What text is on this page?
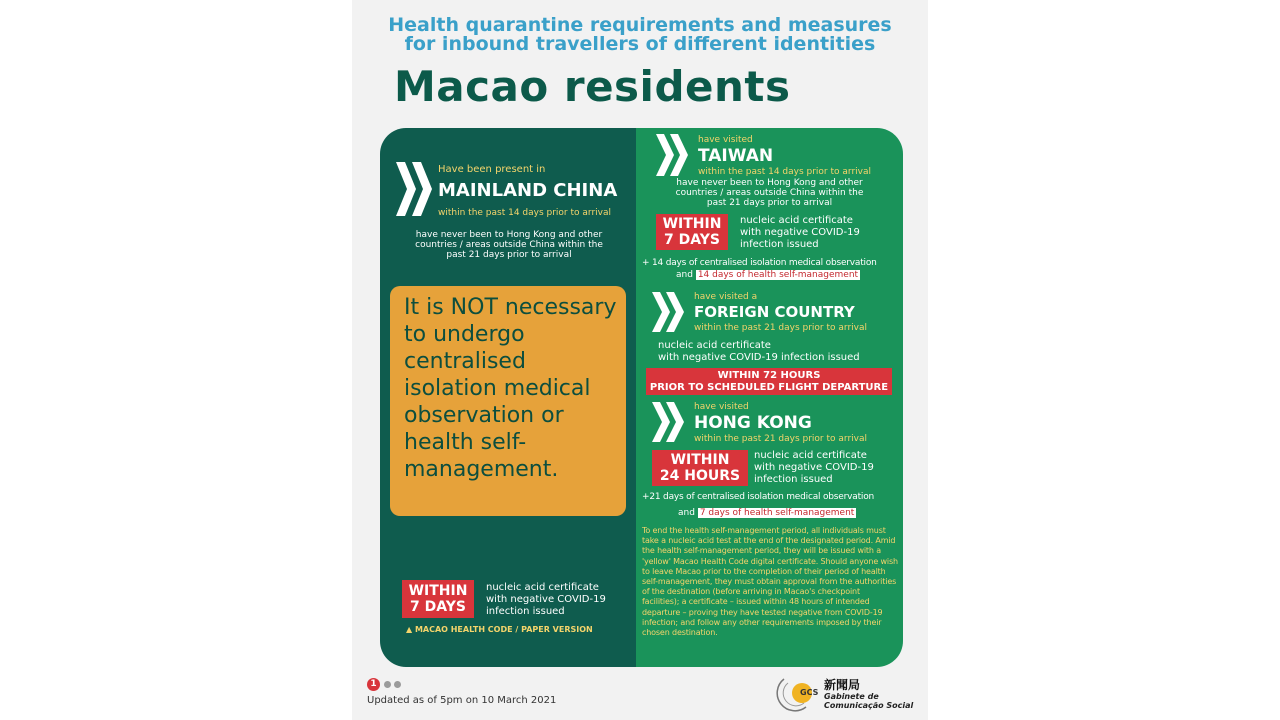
Health quarantine requirements and measures
for inbound travellers of different identities
Macao residents

Have been present in

MAINLAND CHINA

within the past 14 days prior to arrival

have never been to Hong Kong and other

countries / areas outside China within the

past 21 days prior to arrival

It is NOT necessary to undergo centralised isolation medical observation or health self-management.

WITHIN
7 DAYS

nucleic acid certificate

with negative COVID-19

infection issued

▲ MACAO HEALTH CODE / PAPER VERSION

have visited

TAIWAN

within the past 14 days prior to arrival

have never been to Hong Kong and other

countries / areas outside China within the

past 21 days prior to arrival

WITHIN
7 DAYS

nucleic acid certificate

with negative COVID-19

infection issued

+ 14 days of centralised isolation medical observation

and 14 days of health self-management

have visited a

FOREIGN COUNTRY

within the past 21 days prior to arrival

nucleic acid certificate

with negative COVID-19 infection issued

WITHIN 72 HOURS
PRIOR TO SCHEDULED FLIGHT DEPARTURE

have visited

HONG KONG

within the past 21 days prior to arrival

WITHIN
24 HOURS

nucleic acid certificate

with negative COVID-19

infection issued

+21 days of centralised isolation medical observation

and 7 days of health self-management

To end the health self-management period, all individuals must take a nucleic acid test at the end of the designated period. Amid the health self-management period, they will be issued with a 'yellow' Macao Health Code digital certificate. Should anyone wish to leave Macao prior to the completion of their period of health self-management, they must obtain approval from the authorities of the destination (before arriving in Macao's checkpoint facilities); a certificate – issued within 48 hours of intended departure – proving they have tested negative from COVID-19 infection; and follow any other requirements imposed by their chosen destination.

1

Updated as of 5pm on 10 March 2021

GCS
新聞局
Gabinete de
Comunicação Social
